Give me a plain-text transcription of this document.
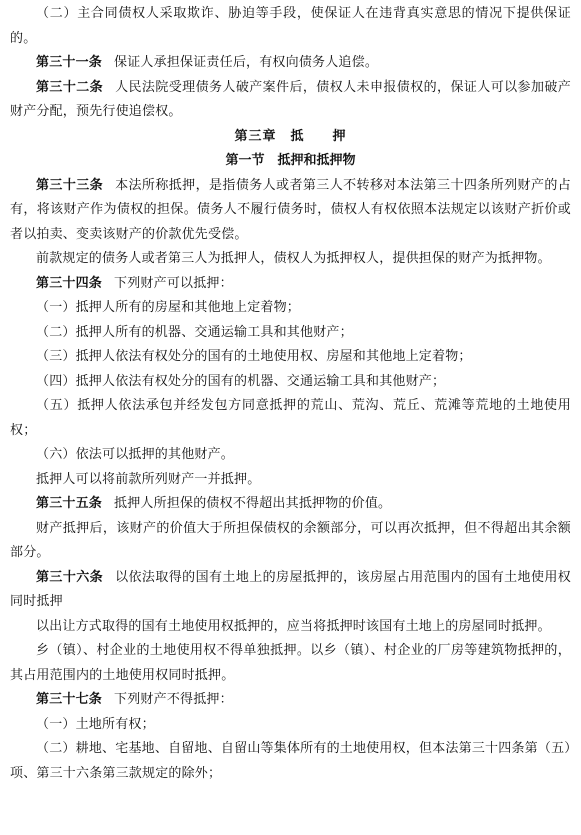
（二）主合同债权人采取欺诈、胁迫等手段，使保证人在违背真实意思的情况下提供保证的。

第三十一条 保证人承担保证责任后，有权向债务人追偿。

第三十二条 人民法院受理债务人破产案件后，债权人未申报债权的，保证人可以参加破产财产分配，预先行使追偿权。

第三章　抵　　押

第一节　抵押和抵押物

第三十三条 本法所称抵押，是指债务人或者第三人不转移对本法第三十四条所列财产的占有，将该财产作为债权的担保。债务人不履行债务时，债权人有权依照本法规定以该财产折价或者以拍卖、变卖该财产的价款优先受偿。

前款规定的债务人或者第三人为抵押人，债权人为抵押权人，提供担保的财产为抵押物。

第三十四条 下列财产可以抵押：

（一）抵押人所有的房屋和其他地上定着物；

（二）抵押人所有的机器、交通运输工具和其他财产；

（三）抵押人依法有权处分的国有的土地使用权、房屋和其他地上定着物；

（四）抵押人依法有权处分的国有的机器、交通运输工具和其他财产；

（五）抵押人依法承包并经发包方同意抵押的荒山、荒沟、荒丘、荒滩等荒地的土地使用权；

（六）依法可以抵押的其他财产。

抵押人可以将前款所列财产一并抵押。

第三十五条 抵押人所担保的债权不得超出其抵押物的价值。

财产抵押后，该财产的价值大于所担保债权的余额部分，可以再次抵押，但不得超出其余额部分。

第三十六条 以依法取得的国有土地上的房屋抵押的，该房屋占用范围内的国有土地使用权同时抵押

以出让方式取得的国有土地使用权抵押的，应当将抵押时该国有土地上的房屋同时抵押。

乡（镇）、村企业的土地使用权不得单独抵押。以乡（镇）、村企业的厂房等建筑物抵押的，其占用范围内的土地使用权同时抵押。

第三十七条 下列财产不得抵押：

（一）土地所有权；

（二）耕地、宅基地、自留地、自留山等集体所有的土地使用权，但本法第三十四条第（五）项、第三十六条第三款规定的除外；
